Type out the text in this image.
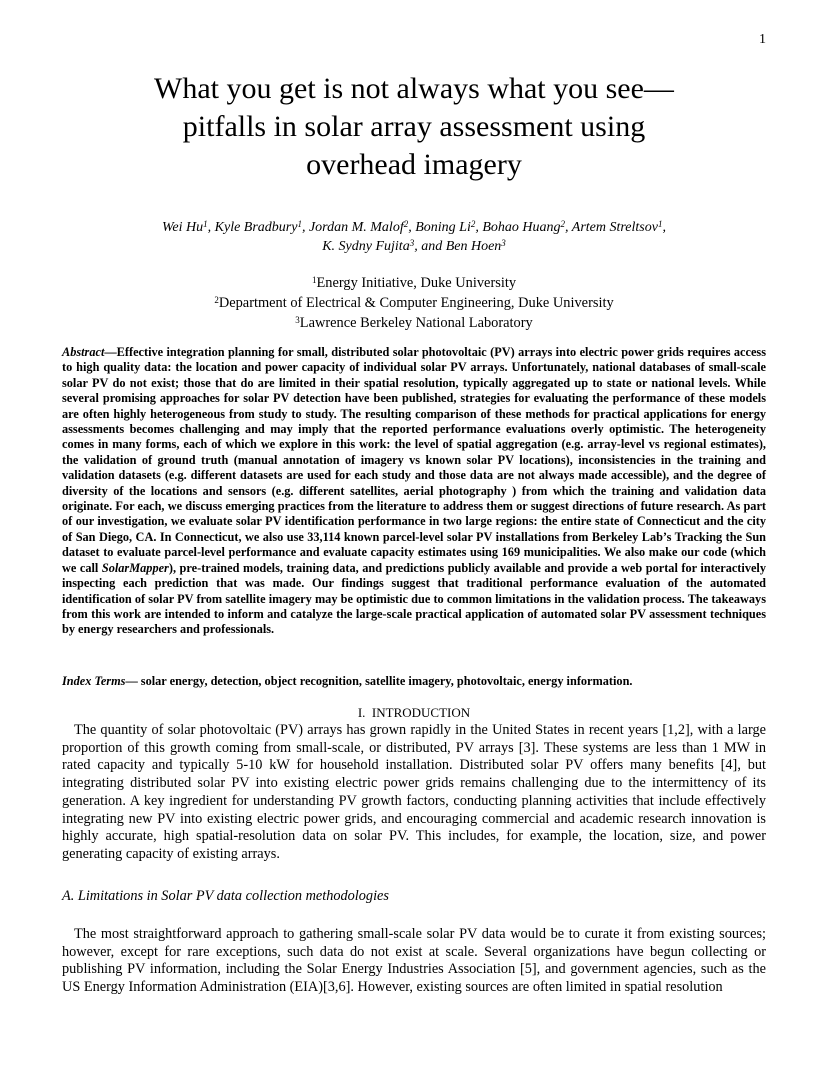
1
What you get is not always what you see—
pitfalls in solar array assessment using
overhead imagery
Wei Hu$^1$, Kyle Bradbury$^1$, Jordan M. Malof$^2$, Boning Li$^2$, Bohao Huang$^2$, Artem Streltsov$^1$,
K. Sydny Fujita$^3$, and Ben Hoen$^3$
$^1$Energy Initiative, Duke University
$^2$Department of Electrical & Computer Engineering, Duke University
$^3$Lawrence Berkeley National Laboratory

Abstract—Effective integration planning for small, distributed solar photovoltaic (PV) arrays into electric power grids requires access to high quality data: the location and power capacity of individual solar PV arrays. Unfortunately, national databases of small-scale solar PV do not exist; those that do are limited in their spatial resolution, typically aggregated up to state or national levels. While several promising approaches for solar PV detection have been published, strategies for evaluating the performance of these models are often highly heterogeneous from study to study. The resulting comparison of these methods for practical applications for energy assessments becomes challenging and may imply that the reported performance evaluations overly optimistic. The heterogeneity comes in many forms, each of which we explore in this work: the level of spatial aggregation (e.g. array-level vs regional estimates), the validation of ground truth (manual annotation of imagery vs known solar PV locations), inconsistencies in the training and validation datasets (e.g. different datasets are used for each study and those data are not always made accessible), and the degree of diversity of the locations and sensors (e.g. different satellites, aerial photography ) from which the training and validation data originate. For each, we discuss emerging practices from the literature to address them or suggest directions of future research. As part of our investigation, we evaluate solar PV identification performance in two large regions: the entire state of Connecticut and the city of San Diego, CA. In Connecticut, we also use 33,114 known parcel-level solar PV installations from Berkeley Lab’s Tracking the Sun dataset to evaluate parcel-level performance and evaluate capacity estimates using 169 municipalities. We also make our code (which we call SolarMapper), pre-trained models, training data, and predictions publicly available and provide a web portal for interactively inspecting each prediction that was made. Our findings suggest that traditional performance evaluation of the automated identification of solar PV from satellite imagery may be optimistic due to common limitations in the validation process. The takeaways from this work are intended to inform and catalyze the large-scale practical application of automated solar PV assessment techniques by energy researchers and professionals.

Index Terms— solar energy, detection, object recognition, satellite imagery, photovoltaic, energy information.

I. INTRODUCTION

The quantity of solar photovoltaic (PV) arrays has grown rapidly in the United States in recent years [1,2], with a large proportion of this growth coming from small-scale, or distributed, PV arrays [3]. These systems are less than 1 MW in rated capacity and typically 5-10 kW for household installation. Distributed solar PV offers many benefits [4], but integrating distributed solar PV into existing electric power grids remains challenging due to the intermittency of its generation. A key ingredient for understanding PV growth factors, conducting planning activities that include effectively integrating new PV into existing electric power grids, and encouraging commercial and academic research innovation is highly accurate, high spatial-resolution data on solar PV. This includes, for example, the location, size, and power generating capacity of existing arrays.

A. Limitations in Solar PV data collection methodologies

The most straightforward approach to gathering small-scale solar PV data would be to curate it from existing sources; however, except for rare exceptions, such data do not exist at scale. Several organizations have begun collecting or publishing PV information, including the Solar Energy Industries Association [5], and government agencies, such as the US Energy Information Administration (EIA)[3,6]. However, existing sources are often limited in spatial resolution
